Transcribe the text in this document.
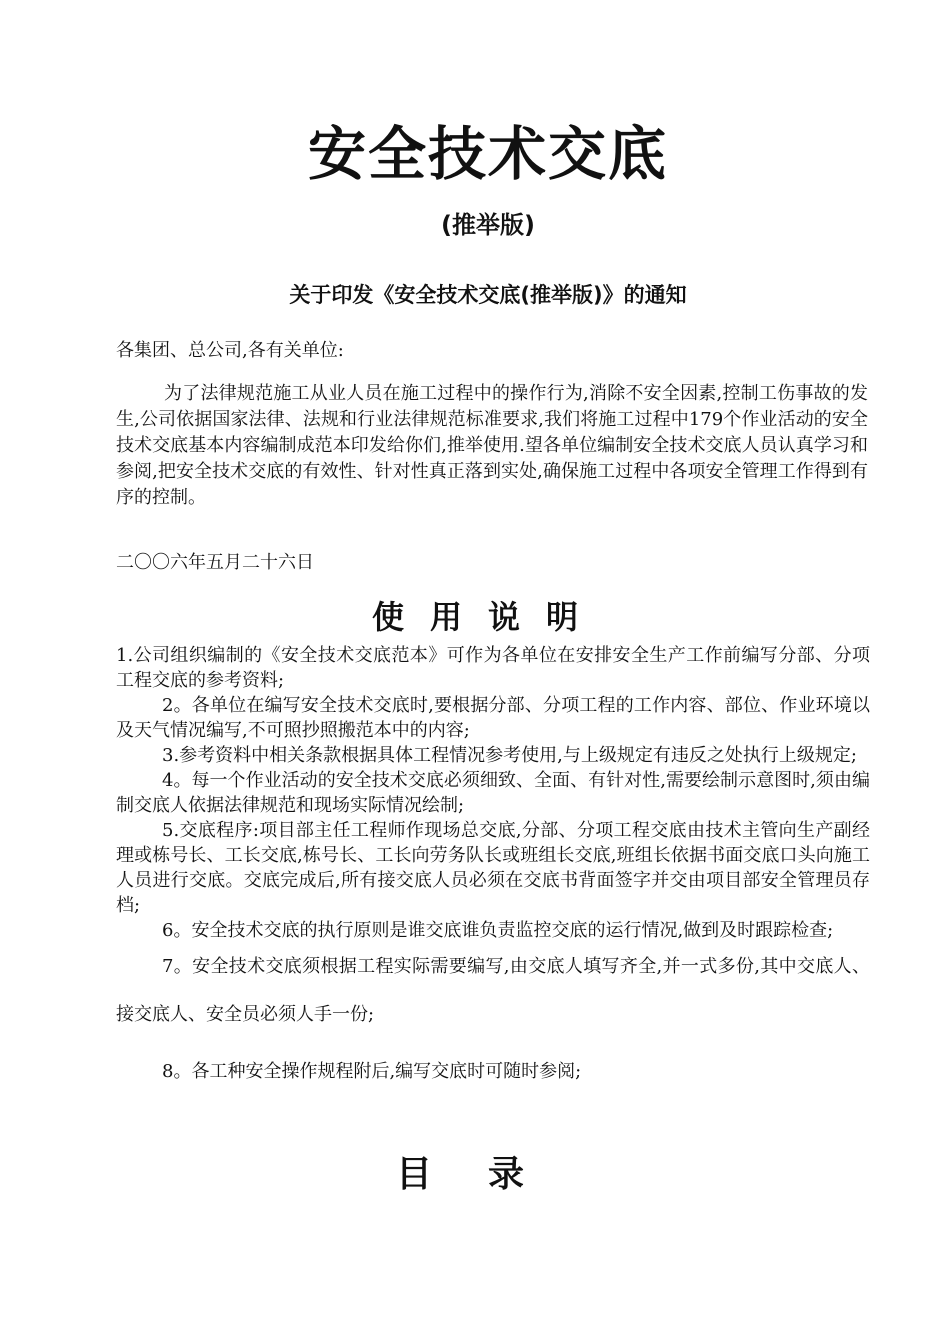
安全技术交底
(推举版)
关于印发《安全技术交底(推举版)》的通知
各集团、总公司,各有关单位:
为了法律规范施工从业人员在施工过程中的操作行为,消除不安全因素,控制工伤事故的发生,公司依据国家法律、法规和行业法律规范标准要求,我们将施工过程中179个作业活动的安全技术交底基本内容编制成范本印发给你们,推举使用.望各单位编制安全技术交底人员认真学习和参阅,把安全技术交底的有效性、针对性真正落到实处,确保施工过程中各项安全管理工作得到有序的控制。
二〇〇六年五月二十六日
使用说明

1.公司组织编制的《安全技术交底范本》可作为各单位在安排安全生产工作前编写分部、分项工程交底的参考资料;

2。各单位在编写安全技术交底时,要根据分部、分项工程的工作内容、部位、作业环境以及天气情况编写,不可照抄照搬范本中的内容;

3.参考资料中相关条款根据具体工程情况参考使用,与上级规定有违反之处执行上级规定;

4。每一个作业活动的安全技术交底必须细致、全面、有针对性,需要绘制示意图时,须由编制交底人依据法律规范和现场实际情况绘制;

5.交底程序:项目部主任工程师作现场总交底,分部、分项工程交底由技术主管向生产副经理或栋号长、工长交底,栋号长、工长向劳务队长或班组长交底,班组长依据书面交底口头向施工人员进行交底。交底完成后,所有接交底人员必须在交底书背面签字并交由项目部安全管理员存档;

6。安全技术交底的执行原则是谁交底谁负责监控交底的运行情况,做到及时跟踪检查;

7。安全技术交底须根据工程实际需要编写,由交底人填写齐全,并一式多份,其中交底人、接交底人、安全员必须人手一份;

8。各工种安全操作规程附后,编写交底时可随时参阅;

目录
